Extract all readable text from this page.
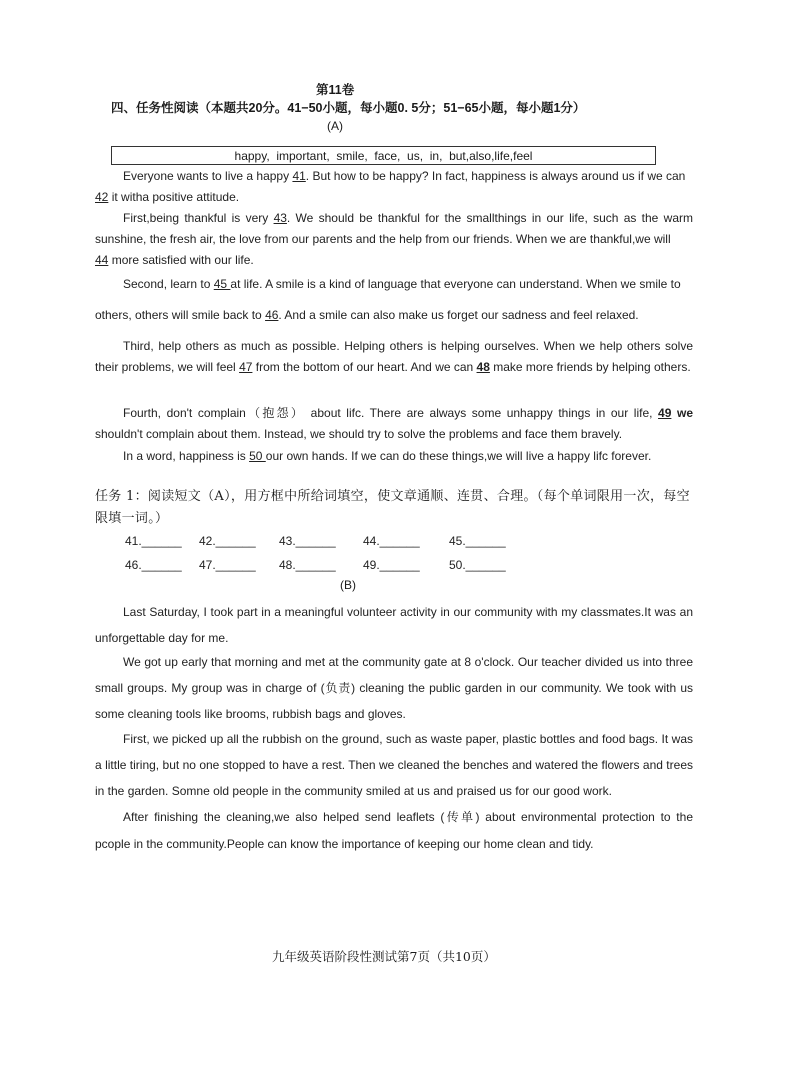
第11卷
四、任务性阅读（本题共20分。41−50小题，每小题0. 5分；51−65小题，每小题1分）
(A)
happy,  important,  smile,  face,  us,  in,  but,also,life,feel
Everyone wants to live a happy 41. But how to be happy? In fact, happiness is always around us if we can
42 it witha positive attitude.
First,being thankful is very 43. We should be thankful for the smallthings in our life, such as the warm sunshine, the fresh air, the love from our parents and the help from our friends. When we are thankful,we will
44 more satisfied with our life.
Second, learn to 45 at life. A smile is a kind of language that everyone can understand. When we smile to
others, others will smile back to 46. And a smile can also make us forget our sadness and feel relaxed.
Third, help others as much as possible. Helping others is helping ourselves. When we help others solve their problems, we will feel 47 from the bottom of our heart. And we can 48 make more friends by helping others.
Fourth, don't complain（抱怨） about lifc. There are always some unhappy things in our life, 49 we shouldn't complain about them. Instead, we should try to solve the problems and face them bravely.
In a word, happiness is 50 our own hands. If we can do these things,we will live a happy lifc forever.
任务 1：阅读短文（A），用方框中所给词填空，使文章通顺、连贯、合理。（每个单词限用一次，每空限填一词。）
41.______ 42.______ 43.______ 44.______ 45.______
46.______ 47.______ 48.______ 49.______ 50.______
(B)
Last Saturday, I took part in a meaningful volunteer activity in our community with my classmates.It was an unforgettable day for me.
We got up early that morning and met at the community gate at 8 o'clock. Our teacher divided us into three small groups. My group was in charge of (负责) cleaning the public garden in our community. We took with us some cleaning tools like brooms, rubbish bags and gloves.
First, we picked up all the rubbish on the ground, such as waste paper, plastic bottles and food bags. It was a little tiring, but no one stopped to have a rest. Then we cleaned the benches and watered the flowers and trees in the garden. Somne old people in the community smiled at us and praised us for our good work.
After finishing the cleaning,we also helped send leaflets (传单) about environmental protection to the pcople in the community.People can know the importance of keeping our home clean and tidy.
九年级英语阶段性测试第7页（共10页）
